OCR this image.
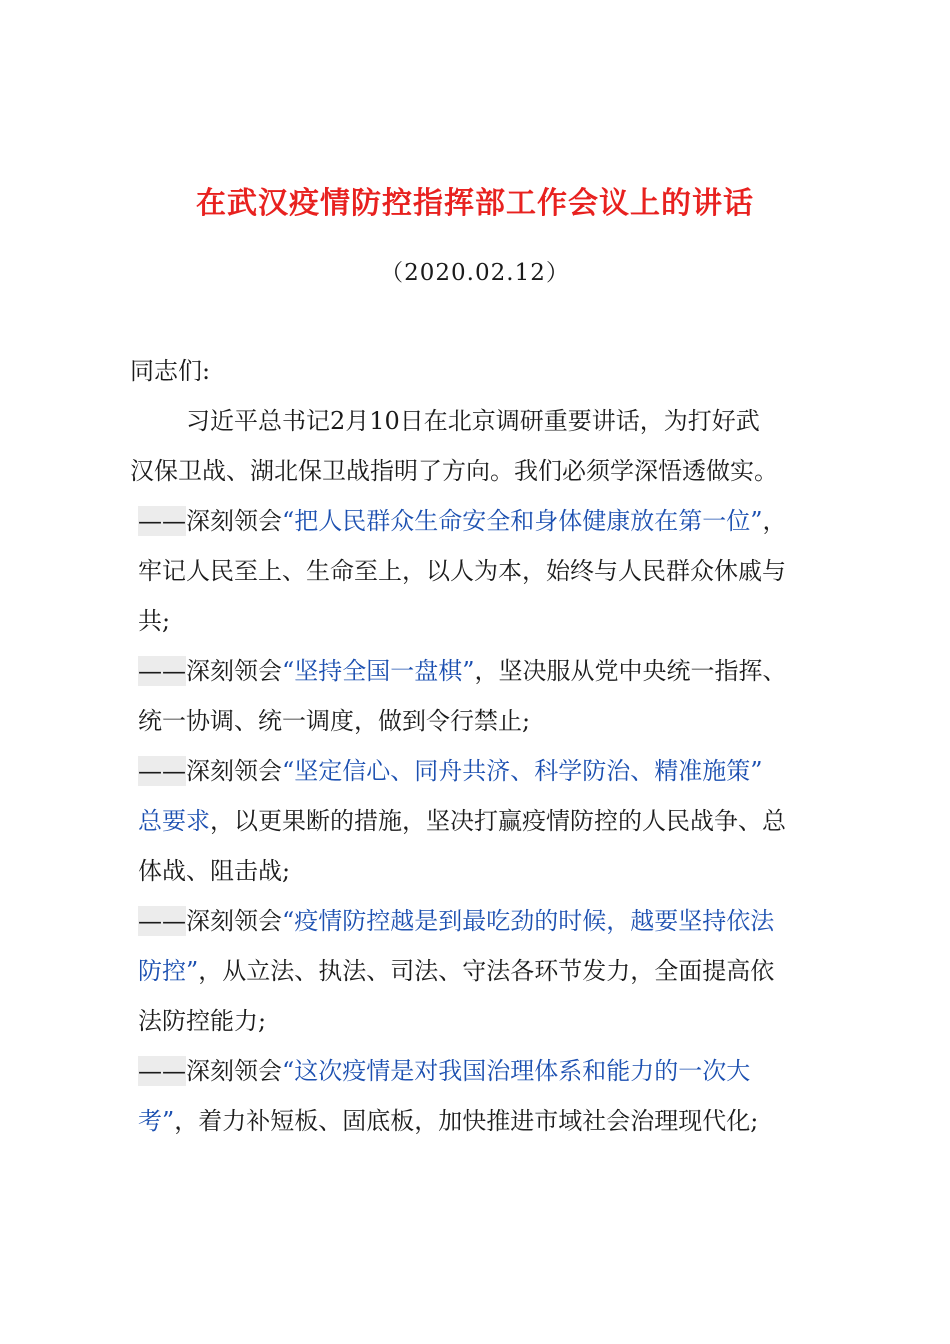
在武汉疫情防控指挥部工作会议上的讲话
（2020.02.12）
同志们:
习近平总书记2月10日在北京调研重要讲话，为打好武
汉保卫战、湖北保卫战指明了方向。我们必须学深悟透做实。
——深刻领会“把人民群众生命安全和身体健康放在第一位”，
牢记人民至上、生命至上，以人为本，始终与人民群众休戚与
共;
——深刻领会“坚持全国一盘棋”，坚决服从党中央统一指挥、
统一协调、统一调度，做到令行禁止;
——深刻领会“坚定信心、同舟共济、科学防治、精准施策”
总要求，以更果断的措施，坚决打赢疫情防控的人民战争、总
体战、阻击战;
——深刻领会“疫情防控越是到最吃劲的时候，越要坚持依法
防控”，从立法、执法、司法、守法各环节发力，全面提高依
法防控能力;
——深刻领会“这次疫情是对我国治理体系和能力的一次大
考”，着力补短板、固底板，加快推进市域社会治理现代化;
